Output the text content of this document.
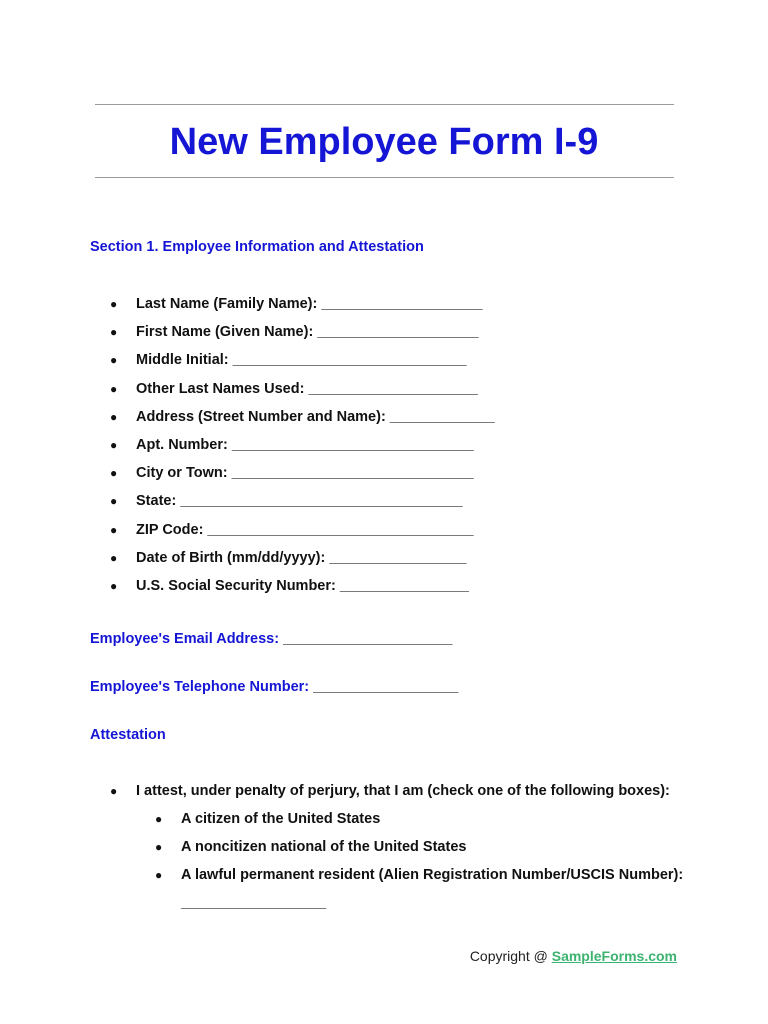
New Employee Form I-9
Section 1. Employee Information and Attestation
● Last Name (Family Name): ____________________
● First Name (Given Name): ____________________
● Middle Initial: _____________________________
● Other Last Names Used: _____________________
● Address (Street Number and Name): _____________
● Apt. Number: ______________________________
● City or Town: ______________________________
● State: ___________________________________
● ZIP Code: _________________________________
● Date of Birth (mm/dd/yyyy): _________________
● U.S. Social Security Number: ________________
Employee's Email Address: _____________________
Employee's Telephone Number: __________________
Attestation
● I attest, under penalty of perjury, that I am (check one of the following boxes):
● A citizen of the United States
● A noncitizen national of the United States
● A lawful permanent resident (Alien Registration Number/USCIS Number):
__________________
Copyright @ SampleForms.com
